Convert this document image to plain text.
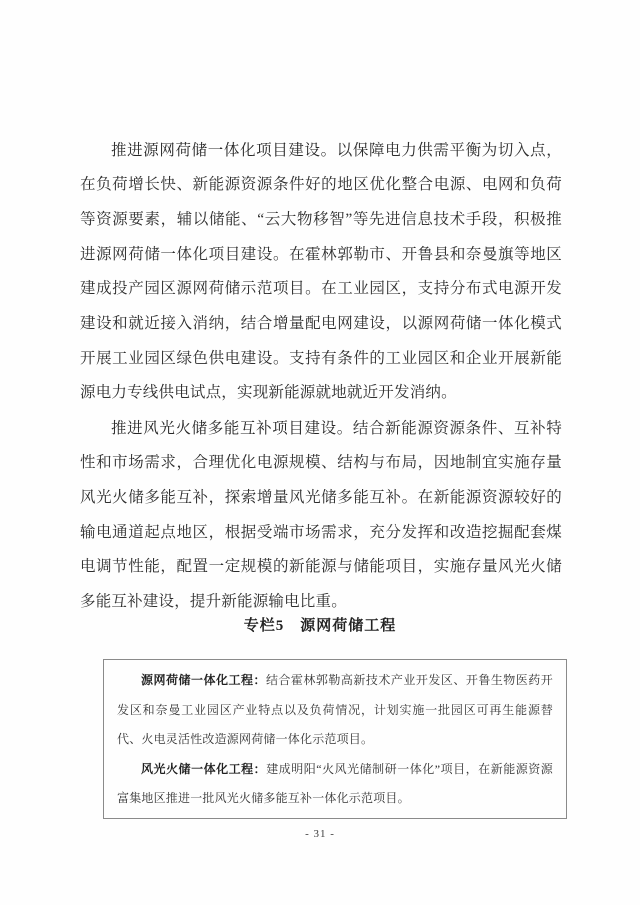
推进源网荷储一体化项目建设。以保障电力供需平衡为切入点，在负荷增长快、新能源资源条件好的地区优化整合电源、电网和负荷等资源要素，辅以储能、“云大物移智”等先进信息技术手段，积极推进源网荷储一体化项目建设。在霍林郭勒市、开鲁县和奈曼旗等地区建成投产园区源网荷储示范项目。在工业园区，支持分布式电源开发建设和就近接入消纳，结合增量配电网建设，以源网荷储一体化模式开展工业园区绿色供电建设。支持有条件的工业园区和企业开展新能源电力专线供电试点，实现新能源就地就近开发消纳。

推进风光火储多能互补项目建设。结合新能源资源条件、互补特性和市场需求，合理优化电源规模、结构与布局，因地制宜实施存量风光火储多能互补，探索增量风光储多能互补。在新能源资源较好的输电通道起点地区，根据受端市场需求，充分发挥和改造挖掘配套煤电调节性能，配置一定规模的新能源与储能项目，实施存量风光火储多能互补建设，提升新能源输电比重。

专栏5　源网荷储工程

源网荷储一体化工程：结合霍林郭勒高新技术产业开发区、开鲁生物医药开发区和奈曼工业园区产业特点以及负荷情况，计划实施一批园区可再生能源替代、火电灵活性改造源网荷储一体化示范项目。

风光火储一体化工程：建成明阳“火风光储制研一体化”项目，在新能源资源富集地区推进一批风光火储多能互补一体化示范项目。

- 31 -
